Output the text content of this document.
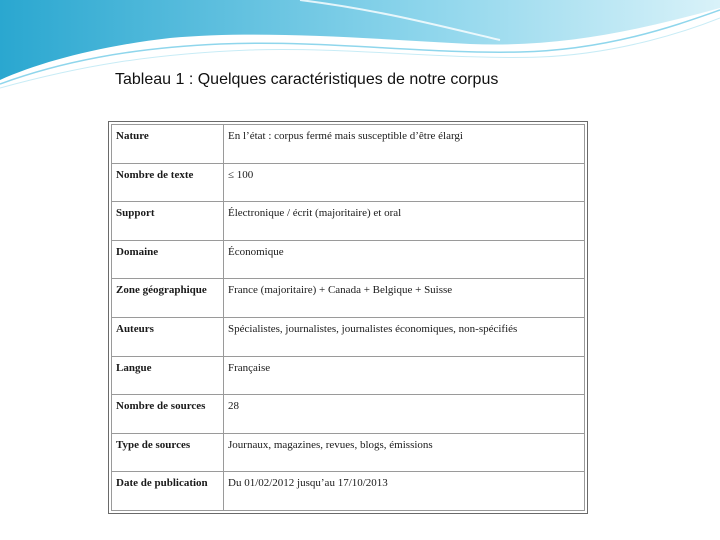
Tableau 1 : Quelques caractéristiques de notre corpus
Nature	En l’état : corpus fermé mais susceptible d’être élargi
Nombre de texte	≤ 100
Support	Électronique / écrit (majoritaire) et oral
Domaine	Économique
Zone géographique	France (majoritaire) + Canada + Belgique + Suisse
Auteurs	Spécialistes, journalistes, journalistes économiques, non-spécifiés
Langue	Française
Nombre de sources	28
Type de sources	Journaux, magazines, revues, blogs, émissions
Date de publication	Du 01/02/2012 jusqu’au 17/10/2013
